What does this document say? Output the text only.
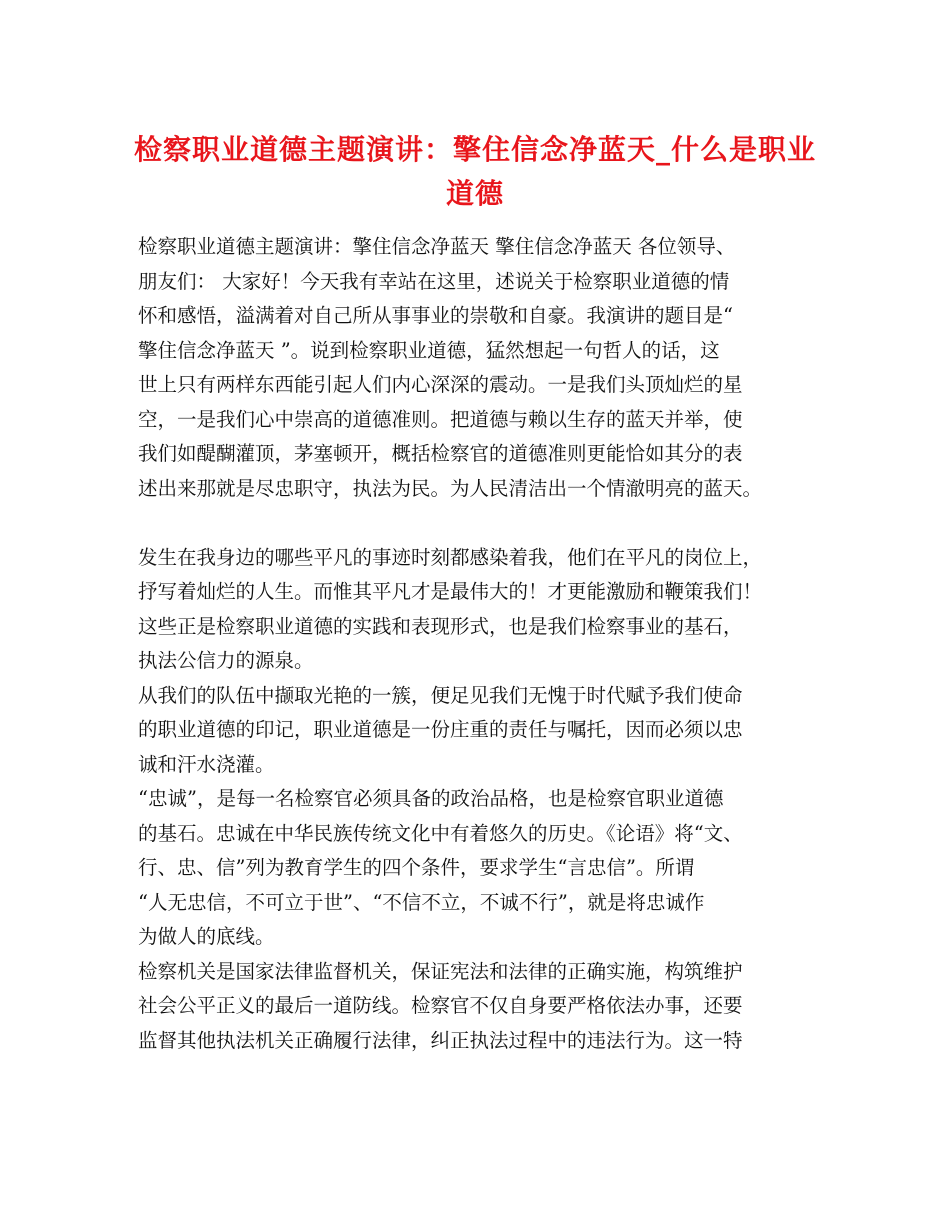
检察职业道德主题演讲：擎住信念净蓝天_什么是职业
道德
检察职业道德主题演讲：擎住信念净蓝天 擎住信念净蓝天 各位领导、
朋友们： 大家好！今天我有幸站在这里，述说关于检察职业道德的情
怀和感悟，溢满着对自己所从事事业的崇敬和自豪。我演讲的题目是“
擎住信念净蓝天 ”。说到检察职业道德，猛然想起一句哲人的话，这
世上只有两样东西能引起人们内心深深的震动。一是我们头顶灿烂的星
空，一是我们心中崇高的道德准则。把道德与赖以生存的蓝天并举，使
我们如醍醐灌顶，茅塞顿开，概括检察官的道德准则更能恰如其分的表
述出来那就是尽忠职守，执法为民。为人民清洁出一个情澈明亮的蓝天。
发生在我身边的哪些平凡的事迹时刻都感染着我，他们在平凡的岗位上，
抒写着灿烂的人生。而惟其平凡才是最伟大的！才更能激励和鞭策我们！
这些正是检察职业道德的实践和表现形式，也是我们检察事业的基石，
执法公信力的源泉。
从我们的队伍中撷取光艳的一簇，便足见我们无愧于时代赋予我们使命
的职业道德的印记，职业道德是一份庄重的责任与嘱托，因而必须以忠
诚和汗水浇灌。
“忠诚”，是每一名检察官必须具备的政治品格，也是检察官职业道德
的基石。忠诚在中华民族传统文化中有着悠久的历史。《论语》将“文、
行、忠、信”列为教育学生的四个条件，要求学生“言忠信”。所谓
“人无忠信，不可立于世”、“不信不立，不诚不行”，就是将忠诚作
为做人的底线。
检察机关是国家法律监督机关，保证宪法和法律的正确实施，构筑维护
社会公平正义的最后一道防线。检察官不仅自身要严格依法办事，还要
监督其他执法机关正确履行法律，纠正执法过程中的违法行为。这一特
